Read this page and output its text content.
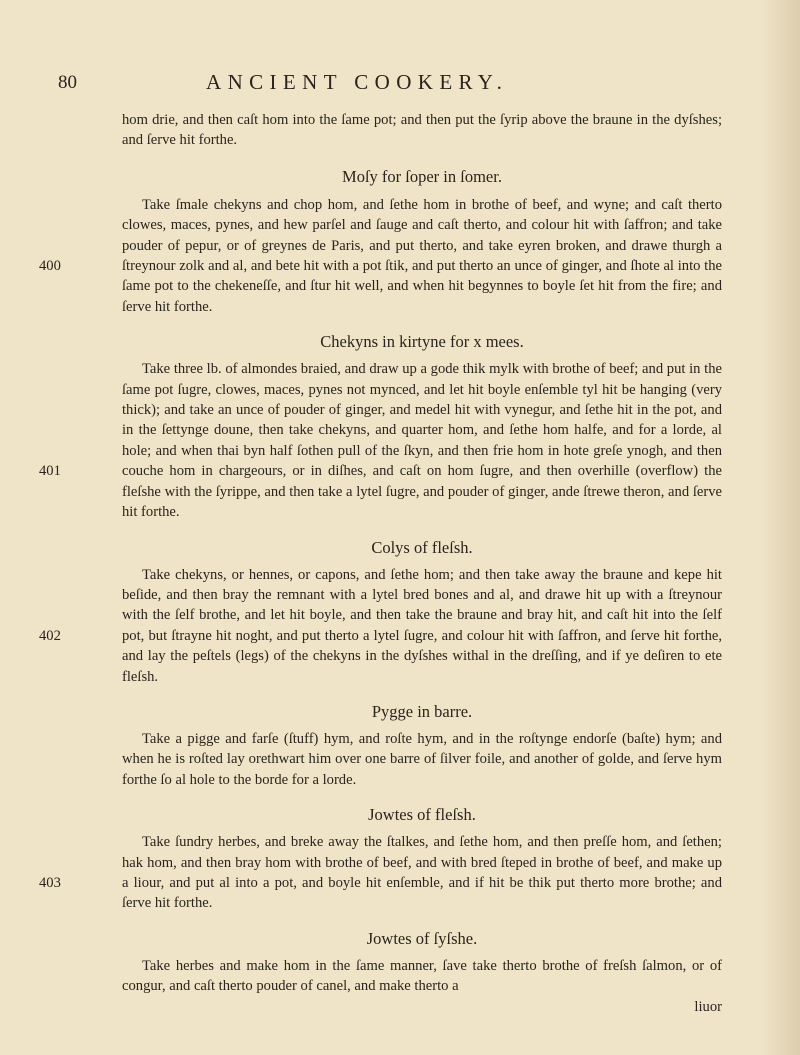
80	ANCIENT COOKERY.

hom drie, and then caſt hom into the ſame pot; and then put the ſyrip above the braune in the dyſshes; and ſerve hit forthe.

Moſy for ſoper in ſomer.

400
Take ſmale chekyns and chop hom, and ſethe hom in brothe of beef, and wyne; and caſt therto clowes, maces, pynes, and hew parſel and ſauge and caſt therto, and colour hit with ſaffron; and take pouder of pepur, or of greynes de Paris, and put therto, and take eyren broken, and drawe thurgh a ſtreynour zolk and al, and bete hit with a pot ſtik, and put therto an unce of ginger, and ſhote al into the ſame pot to the chekeneſſe, and ſtur hit well, and when hit begynnes to boyle ſet hit from the fire; and ſerve hit forthe.

Chekyns in kirtyne for x mees.

401
Take three lb. of almondes braied, and draw up a gode thik mylk with brothe of beef; and put in the ſame pot ſugre, clowes, maces, pynes not mynced, and let hit boyle enſemble tyl hit be hanging (very thick); and take an unce of pouder of ginger, and medel hit with vynegur, and ſethe hit in the pot, and in the ſettynge doune, then take chekyns, and quarter hom, and ſethe hom halfe, and for a lorde, al hole; and when thai byn half ſothen pull of the ſkyn, and then frie hom in hote greſe ynogh, and then couche hom in chargeours, or in diſhes, and caſt on hom ſugre, and then overhille (overflow) the fleſshe with the ſyrippe, and then take a lytel ſugre, and pouder of ginger, ande ſtrewe theron, and ſerve hit forthe.

Colys of fleſsh.

402
Take chekyns, or hennes, or capons, and ſethe hom; and then take away the braune and kepe hit beſide, and then bray the remnant with a lytel bred bones and al, and drawe hit up with a ſtreynour with the ſelf brothe, and let hit boyle, and then take the braune and bray hit, and caſt hit into the ſelf pot, but ſtrayne hit noght, and put therto a lytel ſugre, and colour hit with ſaffron, and ſerve hit forthe, and lay the peſtels (legs) of the chekyns in the dyſshes withal in the dreſſing, and if ye deſiren to ete fleſsh.

Pygge in barre.

Take a pigge and farſe (ſtuff) hym, and roſte hym, and in the roſtynge endorſe (baſte) hym; and when he is roſted lay orethwart him over one barre of ſilver foile, and another of golde, and ſerve hym forthe ſo al hole to the borde for a lorde.

Jowtes of fleſsh.

403
Take ſundry herbes, and breke away the ſtalkes, and ſethe hom, and then preſſe hom, and ſethen; hak hom, and then bray hom with brothe of beef, and with bred ſteped in brothe of beef, and make up a liour, and put al into a pot, and boyle hit enſemble, and if hit be thik put therto more brothe; and ſerve hit forthe.

Jowtes of ſyſshe.

Take herbes and make hom in the ſame manner, ſave take therto brothe of freſsh ſalmon, or of congur, and caſt therto pouder of canel, and make therto a

liuor
